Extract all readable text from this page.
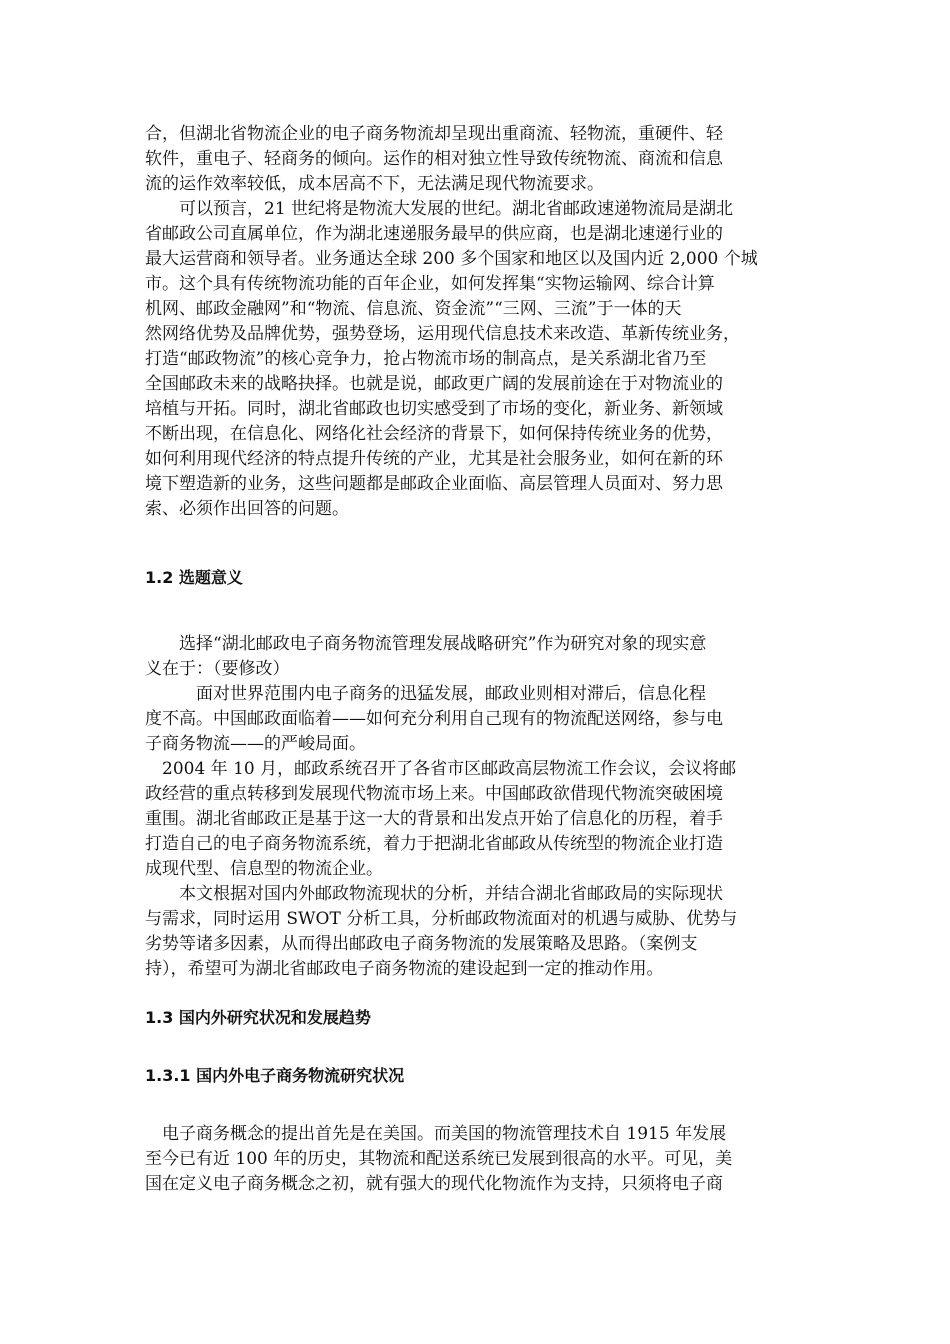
合，但湖北省物流企业的电子商务物流却呈现出重商流、轻物流，重硬件、轻
软件，重电子、轻商务的倾向。运作的相对独立性导致传统物流、商流和信息
流的运作效率较低，成本居高不下，无法满足现代物流要求。
　　可以预言，21 世纪将是物流大发展的世纪。湖北省邮政速递物流局是湖北
省邮政公司直属单位，作为湖北速递服务最早的供应商，也是湖北速递行业的
最大运营商和领导者。业务通达全球 200 多个国家和地区以及国内近 2,000 个城
市。这个具有传统物流功能的百年企业，如何发挥集“实物运输网、综合计算
机网、邮政金融网”和“物流、信息流、资金流”“三网、三流”于一体的天
然网络优势及品牌优势，强势登场，运用现代信息技术来改造、革新传统业务，
打造“邮政物流”的核心竞争力，抢占物流市场的制高点，是关系湖北省乃至
全国邮政未来的战略抉择。也就是说，邮政更广阔的发展前途在于对物流业的
培植与开拓。同时，湖北省邮政也切实感受到了市场的变化，新业务、新领域
不断出现，在信息化、网络化社会经济的背景下，如何保持传统业务的优势，
如何利用现代经济的特点提升传统的产业，尤其是社会服务业，如何在新的环
境下塑造新的业务，这些问题都是邮政企业面临、高层管理人员面对、努力思
索、必须作出回答的问题。
1.2 选题意义
　　选择“湖北邮政电子商务物流管理发展战略研究”作为研究对象的现实意
义在于：（要修改）
　　　面对世界范围内电子商务的迅猛发展，邮政业则相对滞后，信息化程
度不高。中国邮政面临着——如何充分利用自己现有的物流配送网络，参与电
子商务物流——的严峻局面。
　2004 年 10 月，邮政系统召开了各省市区邮政高层物流工作会议，会议将邮
政经营的重点转移到发展现代物流市场上来。中国邮政欲借现代物流突破困境
重围。湖北省邮政正是基于这一大的背景和出发点开始了信息化的历程，着手
打造自己的电子商务物流系统，着力于把湖北省邮政从传统型的物流企业打造
成现代型、信息型的物流企业。
　　本文根据对国内外邮政物流现状的分析，并结合湖北省邮政局的实际现状
与需求，同时运用 SWOT 分析工具，分析邮政物流面对的机遇与威胁、优势与
劣势等诸多因素，从而得出邮政电子商务物流的发展策略及思路。（案例支
持），希望可为湖北省邮政电子商务物流的建设起到一定的推动作用。
1.3 国内外研究状况和发展趋势
1.3.1 国内外电子商务物流研究状况
　电子商务概念的提出首先是在美国。而美国的物流管理技术自 1915 年发展
至今已有近 100 年的历史，其物流和配送系统已发展到很高的水平。可见，美
国在定义电子商务概念之初，就有强大的现代化物流作为支持，只须将电子商
